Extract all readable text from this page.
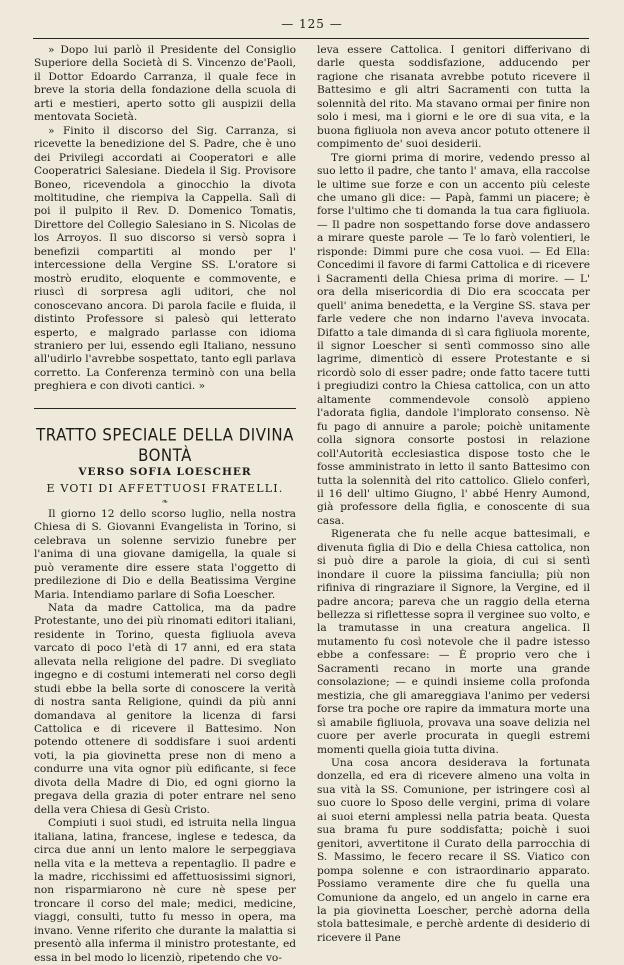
— 125 —

» Dopo lui parlò il Presidente del Consiglio Superiore della Società di S. Vincenzo de'Paoli, il Dottor Edoardo Carranza, il quale fece in breve la storia della fondazione della scuola di arti e mestieri, aperto sotto gli auspizii della mentovata Società.

» Finito il discorso del Sig. Carranza, si ricevette la benedizione del S. Padre, che è uno dei Privilegi accordati ai Cooperatori e alle Cooperatrici Salesiane. Diedela il Sig. Provisore Boneo, ricevendola a ginocchio la divota moltitudine, che riempiva la Cappella. Salì di poi il pulpito il Rev. D. Domenico Tomatis, Direttore del Collegio Salesiano in S. Nicolas de los Arroyos. Il suo discorso si versò sopra i benefizii compartiti al mondo per l' intercessione della Vergine SS. L'oratore si mostrò erudito, eloquente e commovente, e riuscì di sorpresa agli uditori, che nol conoscevano ancora. Di parola facile e fluida, il distinto Professore si palesò qui letterato esperto, e malgrado parlasse con idioma straniero per lui, essendo egli Italiano, nessuno all'udirlo l'avrebbe sospettato, tanto egli parlava corretto. La Conferenza terminò con una bella preghiera e con divoti cantici. »

TRATTO SPECIALE DELLA DIVINA BONTÀ
VERSO SOFIA LOESCHER
E VOTI DI AFFETTUOSI FRATELLI.
❧

Il giorno 12 dello scorso luglio, nella nostra Chiesa di S. Giovanni Evangelista in Torino, si celebrava un solenne servizio funebre per l'anima di una giovane damigella, la quale si può veramente dire essere stata l'oggetto di predilezione di Dio e della Beatissima Vergine Maria. Intendiamo parlare di Sofia Loescher.

Nata da madre Cattolica, ma da padre Protestante, uno dei più rinomati editori italiani, residente in Torino, questa figliuola aveva varcato di poco l'età di 17 anni, ed era stata allevata nella religione del padre. Di svegliato ingegno e di costumi intemerati nel corso degli studi ebbe la bella sorte di conoscere la verità di nostra santa Religione, quindi da più anni domandava al genitore la licenza di farsi Cattolica e di ricevere il Battesimo. Non potendo ottenere di soddisfare i suoi ardenti voti, la pia giovinetta prese non di meno a condurre una vita ognor più edificante, si fece divota della Madre di Dio, ed ogni giorno la pregava della grazia di poter entrare nel seno della vera Chiesa di Gesù Cristo.

Compiuti i suoi studi, ed istruita nella lingua italiana, latina, francese, inglese e tedesca, da circa due anni un lento malore le serpeggiava nella vita e la metteva a repentaglio. Il padre e la madre, ricchissimi ed affettuosissimi signori, non risparmiarono nè cure nè spese per troncare il corso del male; medici, medicine, viaggi, consulti, tutto fu messo in opera, ma invano. Venne riferito che durante la malattia si presentò alla inferma il ministro protestante, ed essa in bel modo lo licenziò, ripetendo che vo-

leva essere Cattolica. I genitori differivano di darle questa soddisfazione, adducendo per ragione che risanata avrebbe potuto ricevere il Battesimo e gli altri Sacramenti con tutta la solennità del rito. Ma stavano ormai per finire non solo i mesi, ma i giorni e le ore di sua vita, e la buona figliuola non aveva ancor potuto ottenere il compimento de' suoi desiderii.

Tre giorni prima di morire, vedendo presso al suo letto il padre, che tanto l' amava, ella raccolse le ultime sue forze e con un accento più celeste che umano gli dice: — Papà, fammi un piacere; è forse l'ultimo che ti domanda la tua cara figliuola. — Il padre non sospettando forse dove andassero a mirare queste parole — Te lo farò volentieri, le risponde: Dimmi pure che cosa vuoi. — Ed Ella: Concedimi il favore di farmi Cattolica e di ricevere i Sacramenti della Chiesa prima di morire. — L' ora della misericordia di Dio era scoccata per quell' anima benedetta, e la Vergine SS. stava per farle vedere che non indarno l'aveva invocata. Difatto a tale dimanda di sì cara figliuola morente, il signor Loescher si sentì commosso sino alle lagrime, dimenticò di essere Protestante e si ricordò solo di esser padre; onde fatto tacere tutti i pregiudizi contro la Chiesa cattolica, con un atto altamente commendevole consolò appieno l'adorata figlia, dandole l'implorato consenso. Nè fu pago di annuire a parole; poichè unitamente colla signora consorte postosi in relazione coll'Autorità ecclesiastica dispose tosto che le fosse amministrato in letto il santo Battesimo con tutta la solennità del rito cattolico. Glielo conferì, il 16 dell' ultimo Giugno, l' abbé Henry Aumond, già professore della figlia, e conoscente di sua casa.

Rigenerata che fu nelle acque battesimali, e divenuta figlia di Dio e della Chiesa cattolica, non si può dire a parole la gioia, di cui si sentì inondare il cuore la piissima fanciulla; più non rifiniva di ringraziare il Signore, la Vergine, ed il padre ancora; pareva che un raggio della eterna bellezza si riflettesse sopra il verginee suo volto, e la tramutasse in una creatura angelica. Il mutamento fu così notevole che il padre istesso ebbe a confessare: — È proprio vero che i Sacramenti recano in morte una grande consolazione; — e quindi insieme colla profonda mestizia, che gli amareggiava l'animo per vedersi forse tra poche ore rapire da immatura morte una sì amabile figliuola, provava una soave delizia nel cuore per averle procurata in quegli estremi momenti quella gioia tutta divina.

Una cosa ancora desiderava la fortunata donzella, ed era di ricevere almeno una volta in sua vità la SS. Comunione, per istringere così al suo cuore lo Sposo delle vergini, prima di volare ai suoi eterni amplessi nella patria beata. Questa sua brama fu pure soddisfatta; poichè i suoi genitori, avvertitone il Curato della parrocchia di S. Massimo, le fecero recare il SS. Viatico con pompa solenne e con istraordinario apparato. Possiamo veramente dire che fu quella una Comunione da angelo, ed un angelo in carne era la pia giovinetta Loescher, perchè adorna della stola battesimale, e perchè ardente di desiderio di ricevere il Pane
